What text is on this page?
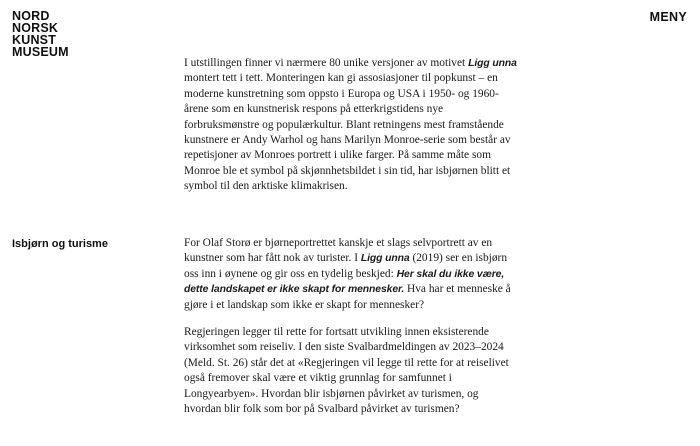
NORD
NORSK
KUNST
MUSEUM
MENY

I utstillingen finner vi nærmere 80 unike versjoner av motivet Ligg unna montert tett i tett. Monteringen kan gi assosiasjoner til popkunst – en moderne kunstretning som oppsto i Europa og USA i 1950- og 1960-årene som en kunstnerisk respons på etterkrigstidens nye forbruksmønstre og populærkultur. Blant retningens mest framstående kunstnere er Andy Warhol og hans Marilyn Monroe-serie som består av repetisjoner av Monroes portrett i ulike farger. På samme måte som Monroe ble et symbol på skjønnhetsbildet i sin tid, har isbjørnen blitt et symbol til den arktiske klimakrisen.

Isbjørn og turisme	For Olaf Storø er bjørneportrettet kanskje et slags selvportrett av en kunstner som har fått nok av turister. I Ligg unna (2019) ser en isbjørn oss inn i øynene og gir oss en tydelig beskjed: Her skal du ikke være, dette landskapet er ikke skapt for mennesker. Hva har et menneske å gjøre i et landskap som ikke er skapt for mennesker?

Regjeringen legger til rette for fortsatt utvikling innen eksisterende virksomhet som reiseliv. I den siste Svalbardmeldingen av 2023–2024 (Meld. St. 26) står det at «Regjeringen vil legge til rette for at reiselivet også fremover skal være et viktig grunnlag for samfunnet i Longyearbyen». Hvordan blir isbjørnen påvirket av turismen, og hvordan blir folk som bor på Svalbard påvirket av turismen?
